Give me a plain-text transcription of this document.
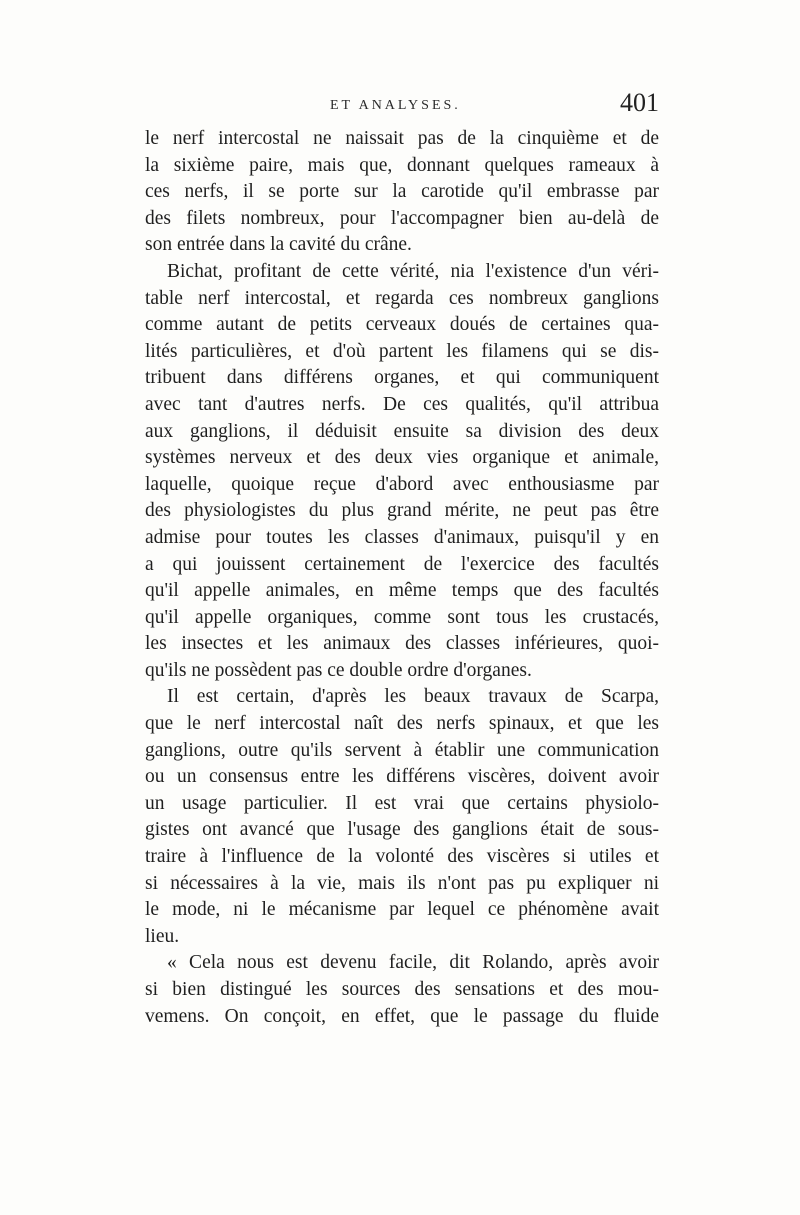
ET ANALYSES.	401
le nerf intercostal ne naissait pas de la cinquième et de
la sixième paire, mais que, donnant quelques rameaux à
ces nerfs, il se porte sur la carotide qu'il embrasse par
des filets nombreux, pour l'accompagner bien au-delà de
son entrée dans la cavité du crâne.
Bichat, profitant de cette vérité, nia l'existence d'un véri-
table nerf intercostal, et regarda ces nombreux ganglions
comme autant de petits cerveaux doués de certaines qua-
lités particulières, et d'où partent les filamens qui se dis-
tribuent dans différens organes, et qui communiquent
avec tant d'autres nerfs. De ces qualités, qu'il attribua
aux ganglions, il déduisit ensuite sa division des deux
systèmes nerveux et des deux vies organique et animale,
laquelle, quoique reçue d'abord avec enthousiasme par
des physiologistes du plus grand mérite, ne peut pas être
admise pour toutes les classes d'animaux, puisqu'il y en
a qui jouissent certainement de l'exercice des facultés
qu'il appelle animales, en même temps que des facultés
qu'il appelle organiques, comme sont tous les crustacés,
les insectes et les animaux des classes inférieures, quoi-
qu'ils ne possèdent pas ce double ordre d'organes.
Il est certain, d'après les beaux travaux de Scarpa,
que le nerf intercostal naît des nerfs spinaux, et que les
ganglions, outre qu'ils servent à établir une communication
ou un consensus entre les différens viscères, doivent avoir
un usage particulier. Il est vrai que certains physiolo-
gistes ont avancé que l'usage des ganglions était de sous-
traire à l'influence de la volonté des viscères si utiles et
si nécessaires à la vie, mais ils n'ont pas pu expliquer ni
le mode, ni le mécanisme par lequel ce phénomène avait
lieu.
« Cela nous est devenu facile, dit Rolando, après avoir
si bien distingué les sources des sensations et des mou-
vemens. On conçoit, en effet, que le passage du fluide
